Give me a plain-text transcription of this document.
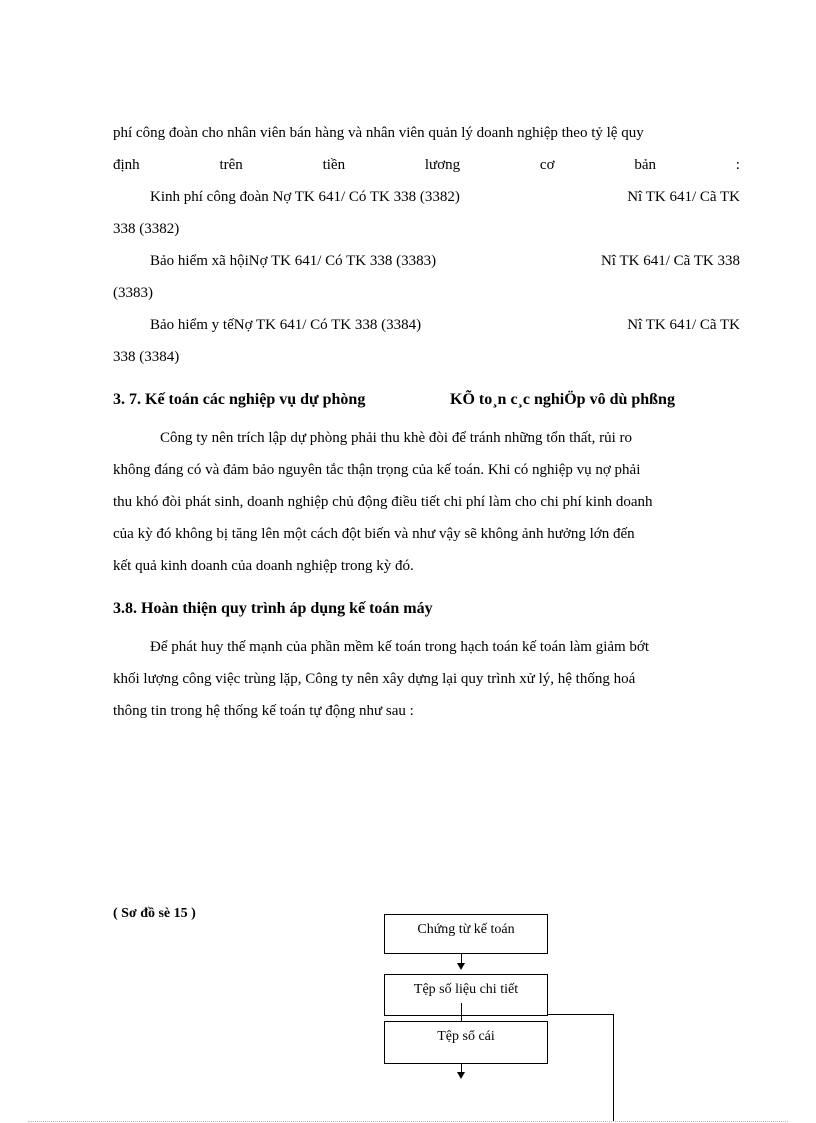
phí công đoàn cho nhân viên bán hàng và nhân viên quản lý doanh nghiệp theo tỷ lệ quy
định	trên	tiền	lương	cơ	bản	:
Kinh phí công đoàn Nợ TK 641/ Có TK 338 (3382)	Nî TK 641/ Cã TK
338 (3382)
Bảo hiểm xã hộiNợ TK 641/ Có TK 338 (3383)	Nî TK 641/ Cã TK 338
(3383)
Bảo hiểm y tếNợ TK 641/ Có TK 338 (3384)	Nî TK 641/ Cã TK
338 (3384)
3. 7. Kế toán các nghiệp vụ dự phòng	KÕ to¸n c¸c nghiÖp vô dù phßng
Công ty nên trích lập dự phòng phải thu khè đòi để tránh những tổn thất, rủi ro
không đáng có và đảm bảo nguyên tắc thận trọng của kế toán. Khi có nghiệp vụ nợ phải
thu khó đòi phát sinh, doanh nghiệp chủ động điều tiết chi phí làm cho chi phí kinh doanh
của kỳ đó không bị tăng lên một cách đột biến và như vậy sẽ không ảnh hưởng lớn đến
kết quả kinh doanh của doanh nghiệp trong kỳ đó.
3.8. Hoàn thiện quy trình áp dụng kế toán máy
Để phát huy thế mạnh của phần mềm kế toán trong hạch toán kế toán làm giảm bớt
khối lượng công việc trùng lặp, Công ty nên xây dựng lại quy trình xử lý, hệ thống hoá
thông tin trong hệ thống kế toán tự động như sau :
( Sơ đồ sè 15 )
Chứng từ kế toán
Tệp số liệu chi tiết
Tệp sổ cái
